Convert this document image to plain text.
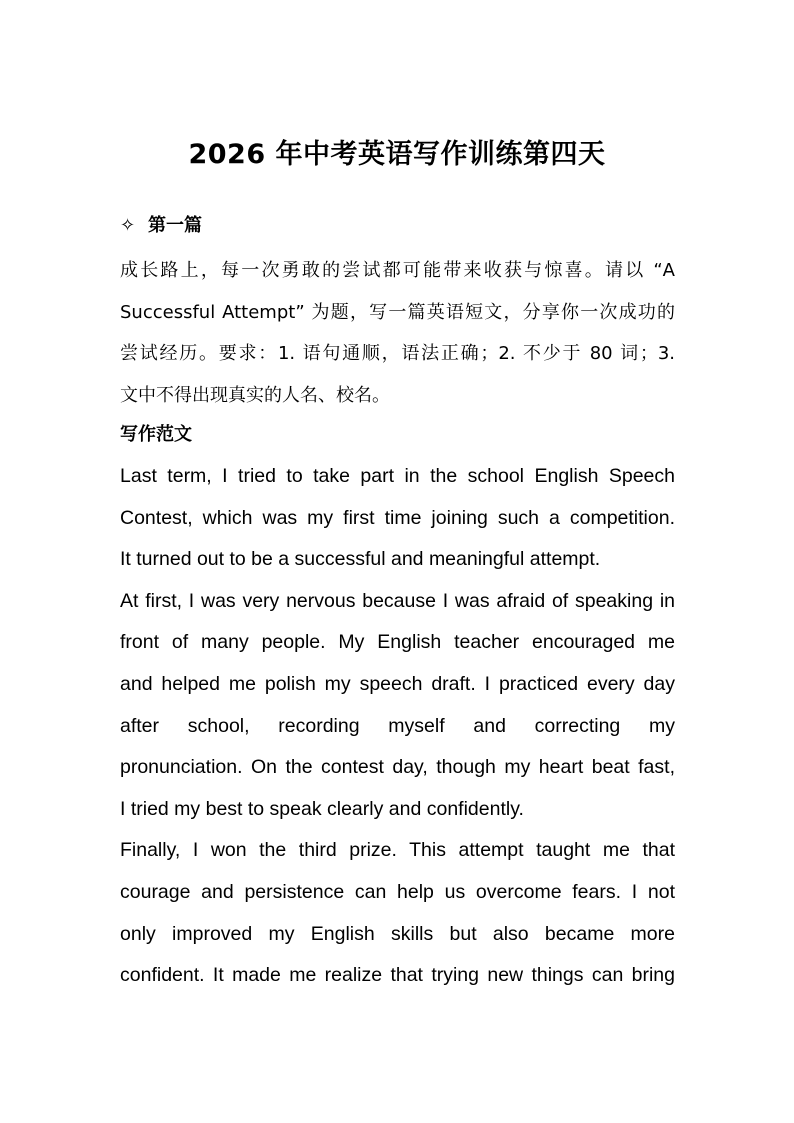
2026 年中考英语写作训练第四天
✧ 第一篇
成长路上，每一次勇敢的尝试都可能带来收获与惊喜。请以 “A
Successful Attempt” 为题，写一篇英语短文，分享你一次成功的
尝试经历。要求：1. 语句通顺，语法正确；2. 不少于 80 词；3.
文中不得出现真实的人名、校名。
写作范文
Last term, I tried to take part in the school English Speech
Contest, which was my first time joining such a competition.
It turned out to be a successful and meaningful attempt.
At first, I was very nervous because I was afraid of speaking in
front of many people. My English teacher encouraged me
and helped me polish my speech draft. I practiced every day
after school, recording myself and correcting my
pronunciation. On the contest day, though my heart beat fast,
I tried my best to speak clearly and confidently.
Finally, I won the third prize. This attempt taught me that
courage and persistence can help us overcome fears. I not
only improved my English skills but also became more
confident. It made me realize that trying new things can bring
